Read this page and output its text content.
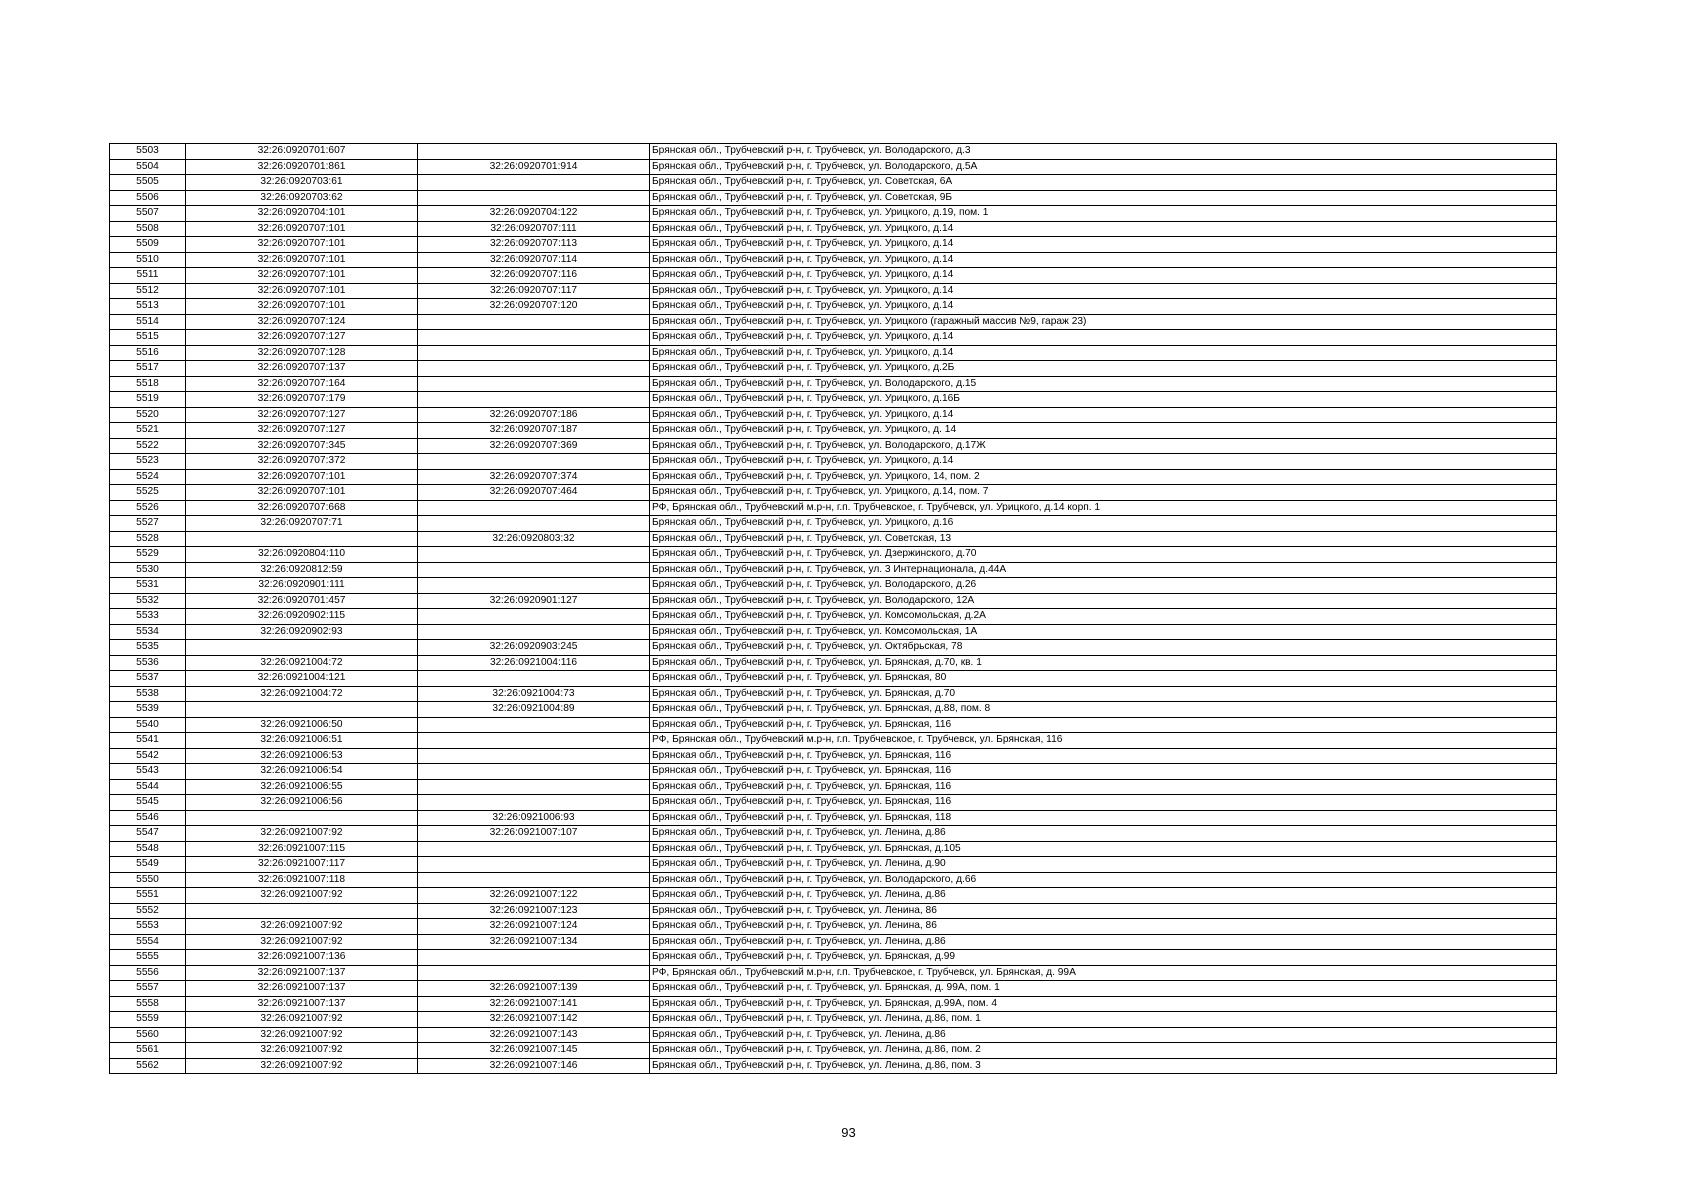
5503	32:26:0920701:607		Брянская обл., Трубчевский р-н, г. Трубчевск, ул. Володарского, д.3
5504	32:26:0920701:861	32:26:0920701:914	Брянская обл., Трубчевский р-н, г. Трубчевск, ул. Володарского, д.5А
5505	32:26:0920703:61		Брянская обл., Трубчевский р-н, г. Трубчевск, ул. Советская, 6А
5506	32:26:0920703:62		Брянская обл., Трубчевский р-н, г. Трубчевск, ул. Советская, 9Б
5507	32:26:0920704:101	32:26:0920704:122	Брянская обл., Трубчевский р-н, г. Трубчевск, ул. Урицкого, д.19, пом. 1
5508	32:26:0920707:101	32:26:0920707:111	Брянская обл., Трубчевский р-н, г. Трубчевск, ул. Урицкого, д.14
5509	32:26:0920707:101	32:26:0920707:113	Брянская обл., Трубчевский р-н, г. Трубчевск, ул. Урицкого, д.14
5510	32:26:0920707:101	32:26:0920707:114	Брянская обл., Трубчевский р-н, г. Трубчевск, ул. Урицкого, д.14
5511	32:26:0920707:101	32:26:0920707:116	Брянская обл., Трубчевский р-н, г. Трубчевск, ул. Урицкого, д.14
5512	32:26:0920707:101	32:26:0920707:117	Брянская обл., Трубчевский р-н, г. Трубчевск, ул. Урицкого, д.14
5513	32:26:0920707:101	32:26:0920707:120	Брянская обл., Трубчевский р-н, г. Трубчевск, ул. Урицкого, д.14
5514	32:26:0920707:124		Брянская обл., Трубчевский р-н, г. Трубчевск, ул. Урицкого (гаражный массив №9, гараж 23)
5515	32:26:0920707:127		Брянская обл., Трубчевский р-н, г. Трубчевск, ул. Урицкого, д.14
5516	32:26:0920707:128		Брянская обл., Трубчевский р-н, г. Трубчевск, ул. Урицкого, д.14
5517	32:26:0920707:137		Брянская обл., Трубчевский р-н, г. Трубчевск, ул. Урицкого, д.2Б
5518	32:26:0920707:164		Брянская обл., Трубчевский р-н, г. Трубчевск, ул. Володарского, д.15
5519	32:26:0920707:179		Брянская обл., Трубчевский р-н, г. Трубчевск, ул. Урицкого, д.16Б
5520	32:26:0920707:127	32:26:0920707:186	Брянская обл., Трубчевский р-н, г. Трубчевск, ул. Урицкого, д.14
5521	32:26:0920707:127	32:26:0920707:187	Брянская обл., Трубчевский р-н, г. Трубчевск, ул. Урицкого, д. 14
5522	32:26:0920707:345	32:26:0920707:369	Брянская обл., Трубчевский р-н, г. Трубчевск, ул. Володарского, д.17Ж
5523	32:26:0920707:372		Брянская обл., Трубчевский р-н, г. Трубчевск, ул. Урицкого, д.14
5524	32:26:0920707:101	32:26:0920707:374	Брянская обл., Трубчевский р-н, г. Трубчевск, ул. Урицкого, 14, пом. 2
5525	32:26:0920707:101	32:26:0920707:464	Брянская обл., Трубчевский р-н, г. Трубчевск, ул. Урицкого, д.14, пом. 7
5526	32:26:0920707:668		РФ, Брянская обл., Трубчевский м.р-н, г.п. Трубчевское, г. Трубчевск, ул. Урицкого, д.14 корп. 1
5527	32:26:0920707:71		Брянская обл., Трубчевский р-н, г. Трубчевск, ул. Урицкого, д.16
5528		32:26:0920803:32	Брянская обл., Трубчевский р-н, г. Трубчевск, ул. Советская, 13
5529	32:26:0920804:110		Брянская обл., Трубчевский р-н, г. Трубчевск, ул. Дзержинского, д.70
5530	32:26:0920812:59		Брянская обл., Трубчевский р-н, г. Трубчевск, ул. 3 Интернационала, д.44А
5531	32:26:0920901:111		Брянская обл., Трубчевский р-н, г. Трубчевск, ул. Володарского, д.26
5532	32:26:0920701:457	32:26:0920901:127	Брянская обл., Трубчевский р-н, г. Трубчевск, ул. Володарского, 12А
5533	32:26:0920902:115		Брянская обл., Трубчевский р-н, г. Трубчевск, ул. Комсомольская, д.2А
5534	32:26:0920902:93		Брянская обл., Трубчевский р-н, г. Трубчевск, ул. Комсомольская, 1А
5535		32:26:0920903:245	Брянская обл., Трубчевский р-н, г. Трубчевск, ул. Октябрьская, 78
5536	32:26:0921004:72	32:26:0921004:116	Брянская обл., Трубчевский р-н, г. Трубчевск, ул. Брянская, д.70, кв. 1
5537	32:26:0921004:121		Брянская обл., Трубчевский р-н, г. Трубчевск, ул. Брянская, 80
5538	32:26:0921004:72	32:26:0921004:73	Брянская обл., Трубчевский р-н, г. Трубчевск, ул. Брянская, д.70
5539		32:26:0921004:89	Брянская обл., Трубчевский р-н, г. Трубчевск, ул. Брянская, д.88, пом. 8
5540	32:26:0921006:50		Брянская обл., Трубчевский р-н, г. Трубчевск, ул. Брянская, 116
5541	32:26:0921006:51		РФ, Брянская обл., Трубчевский м.р-н, г.п. Трубчевское, г. Трубчевск, ул. Брянская, 116
5542	32:26:0921006:53		Брянская обл., Трубчевский р-н, г. Трубчевск, ул. Брянская, 116
5543	32:26:0921006:54		Брянская обл., Трубчевский р-н, г. Трубчевск, ул. Брянская, 116
5544	32:26:0921006:55		Брянская обл., Трубчевский р-н, г. Трубчевск, ул. Брянская, 116
5545	32:26:0921006:56		Брянская обл., Трубчевский р-н, г. Трубчевск, ул. Брянская, 116
5546		32:26:0921006:93	Брянская обл., Трубчевский р-н, г. Трубчевск, ул. Брянская, 118
5547	32:26:0921007:92	32:26:0921007:107	Брянская обл., Трубчевский р-н, г. Трубчевск, ул. Ленина, д.86
5548	32:26:0921007:115		Брянская обл., Трубчевский р-н, г. Трубчевск, ул. Брянская, д.105
5549	32:26:0921007:117		Брянская обл., Трубчевский р-н, г. Трубчевск, ул. Ленина, д.90
5550	32:26:0921007:118		Брянская обл., Трубчевский р-н, г. Трубчевск, ул. Володарского, д.66
5551	32:26:0921007:92	32:26:0921007:122	Брянская обл., Трубчевский р-н, г. Трубчевск, ул. Ленина, д.86
5552		32:26:0921007:123	Брянская обл., Трубчевский р-н, г. Трубчевск, ул. Ленина, 86
5553	32:26:0921007:92	32:26:0921007:124	Брянская обл., Трубчевский р-н, г. Трубчевск, ул. Ленина, 86
5554	32:26:0921007:92	32:26:0921007:134	Брянская обл., Трубчевский р-н, г. Трубчевск, ул. Ленина, д.86
5555	32:26:0921007:136		Брянская обл., Трубчевский р-н, г. Трубчевск, ул. Брянская, д.99
5556	32:26:0921007:137		РФ, Брянская обл., Трубчевский м.р-н, г.п. Трубчевское, г. Трубчевск, ул. Брянская, д. 99А
5557	32:26:0921007:137	32:26:0921007:139	Брянская обл., Трубчевский р-н, г. Трубчевск, ул. Брянская, д. 99А, пом. 1
5558	32:26:0921007:137	32:26:0921007:141	Брянская обл., Трубчевский р-н, г. Трубчевск, ул. Брянская, д.99А, пом. 4
5559	32:26:0921007:92	32:26:0921007:142	Брянская обл., Трубчевский р-н, г. Трубчевск, ул. Ленина, д.86, пом. 1
5560	32:26:0921007:92	32:26:0921007:143	Брянская обл., Трубчевский р-н, г. Трубчевск, ул. Ленина, д.86
5561	32:26:0921007:92	32:26:0921007:145	Брянская обл., Трубчевский р-н, г. Трубчевск, ул. Ленина, д.86, пом. 2
5562	32:26:0921007:92	32:26:0921007:146	Брянская обл., Трубчевский р-н, г. Трубчевск, ул. Ленина, д.86, пом. 3
93
